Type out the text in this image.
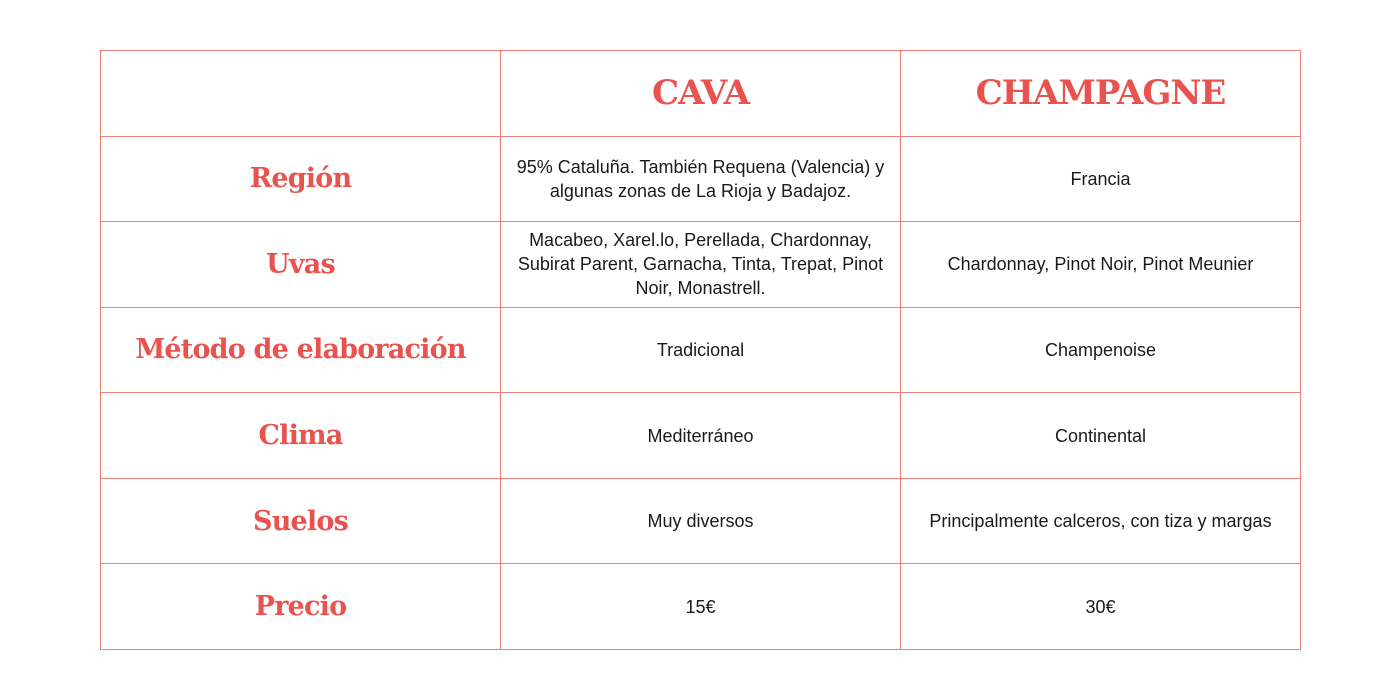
	CAVA	CHAMPAGNE
Región	95% Cataluña. También Requena (Valencia) y algunas zonas de La Rioja y Badajoz.	Francia
Uvas	Macabeo, Xarel.lo, Perellada, Chardonnay, Subirat Parent, Garnacha, Tinta, Trepat, Pinot Noir, Monastrell.	Chardonnay, Pinot Noir, Pinot Meunier
Método de elaboración	Tradicional	Champenoise
Clima	Mediterráneo	Continental
Suelos	Muy diversos	Principalmente calceros, con tiza y margas
Precio	15€	30€
